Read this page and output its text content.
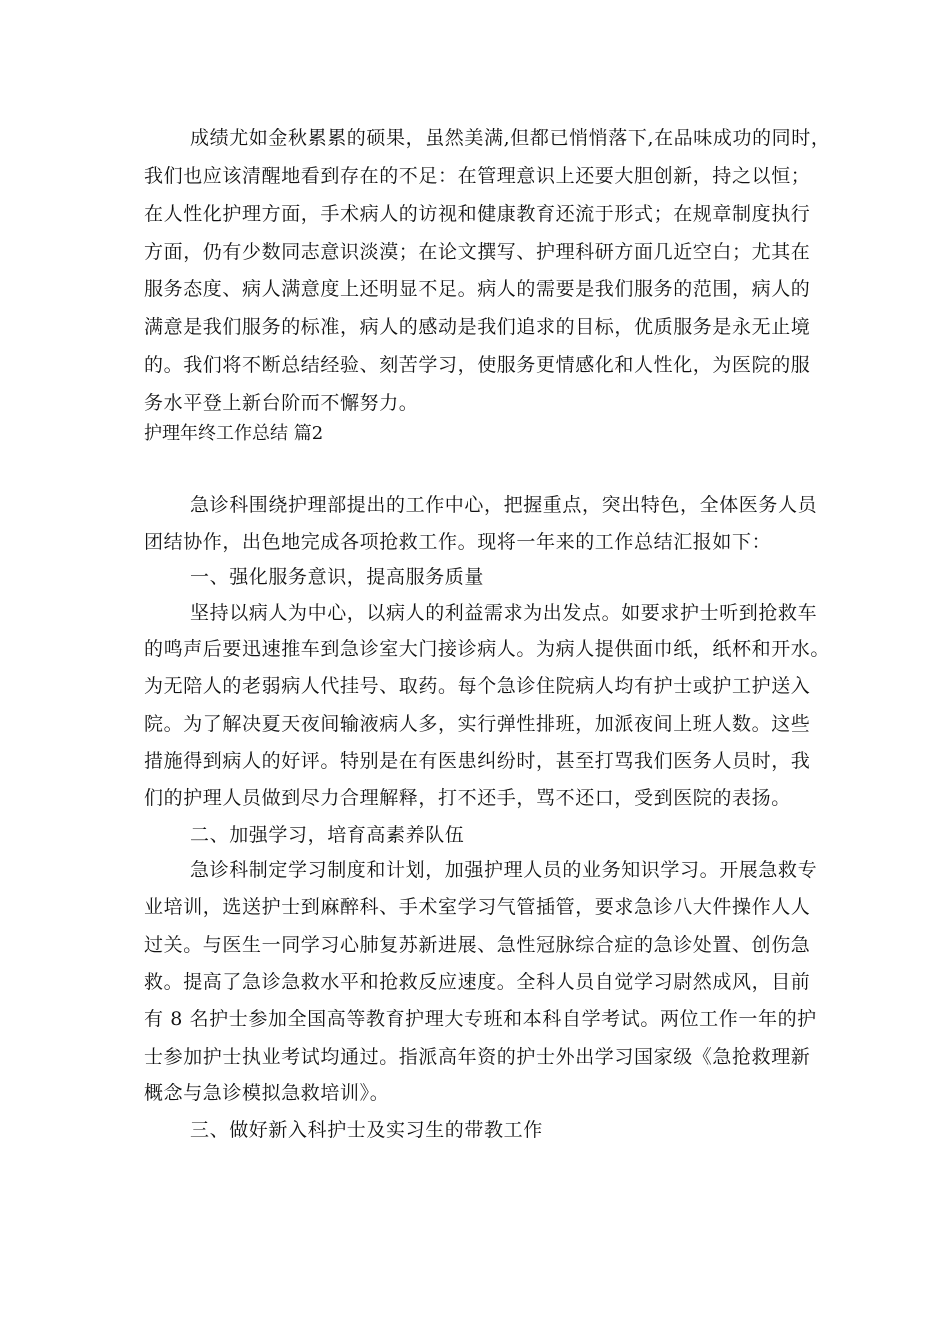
成绩尤如金秋累累的硕果，虽然美满,但都已悄悄落下,在品味成功的同时，
我们也应该清醒地看到存在的不足：在管理意识上还要大胆创新，持之以恒；
在人性化护理方面，手术病人的访视和健康教育还流于形式；在规章制度执行
方面，仍有少数同志意识淡漠；在论文撰写、护理科研方面几近空白；尤其在
服务态度、病人满意度上还明显不足。病人的需要是我们服务的范围，病人的
满意是我们服务的标准，病人的感动是我们追求的目标，优质服务是永无止境
的。我们将不断总结经验、刻苦学习，使服务更情感化和人性化，为医院的服
务水平登上新台阶而不懈努力。
护理年终工作总结 篇2
急诊科围绕护理部提出的工作中心，把握重点，突出特色，全体医务人员
团结协作，出色地完成各项抢救工作。现将一年来的工作总结汇报如下：
一、强化服务意识，提高服务质量
坚持以病人为中心，以病人的利益需求为出发点。如要求护士听到抢救车
的鸣声后要迅速推车到急诊室大门接诊病人。为病人提供面巾纸，纸杯和开水。
为无陪人的老弱病人代挂号、取药。每个急诊住院病人均有护士或护工护送入
院。为了解决夏天夜间输液病人多，实行弹性排班，加派夜间上班人数。这些
措施得到病人的好评。特别是在有医患纠纷时，甚至打骂我们医务人员时，我
们的护理人员做到尽力合理解释，打不还手，骂不还口，受到医院的表扬。
二、加强学习，培育高素养队伍
急诊科制定学习制度和计划，加强护理人员的业务知识学习。开展急救专
业培训，选送护士到麻醉科、手术室学习气管插管，要求急诊八大件操作人人
过关。与医生一同学习心肺复苏新进展、急性冠脉综合症的急诊处置、创伤急
救。提高了急诊急救水平和抢救反应速度。全科人员自觉学习尉然成风，目前
有 8 名护士参加全国高等教育护理大专班和本科自学考试。两位工作一年的护
士参加护士执业考试均通过。指派高年资的护士外出学习国家级《急抢救理新
概念与急诊模拟急救培训》。
三、做好新入科护士及实习生的带教工作
